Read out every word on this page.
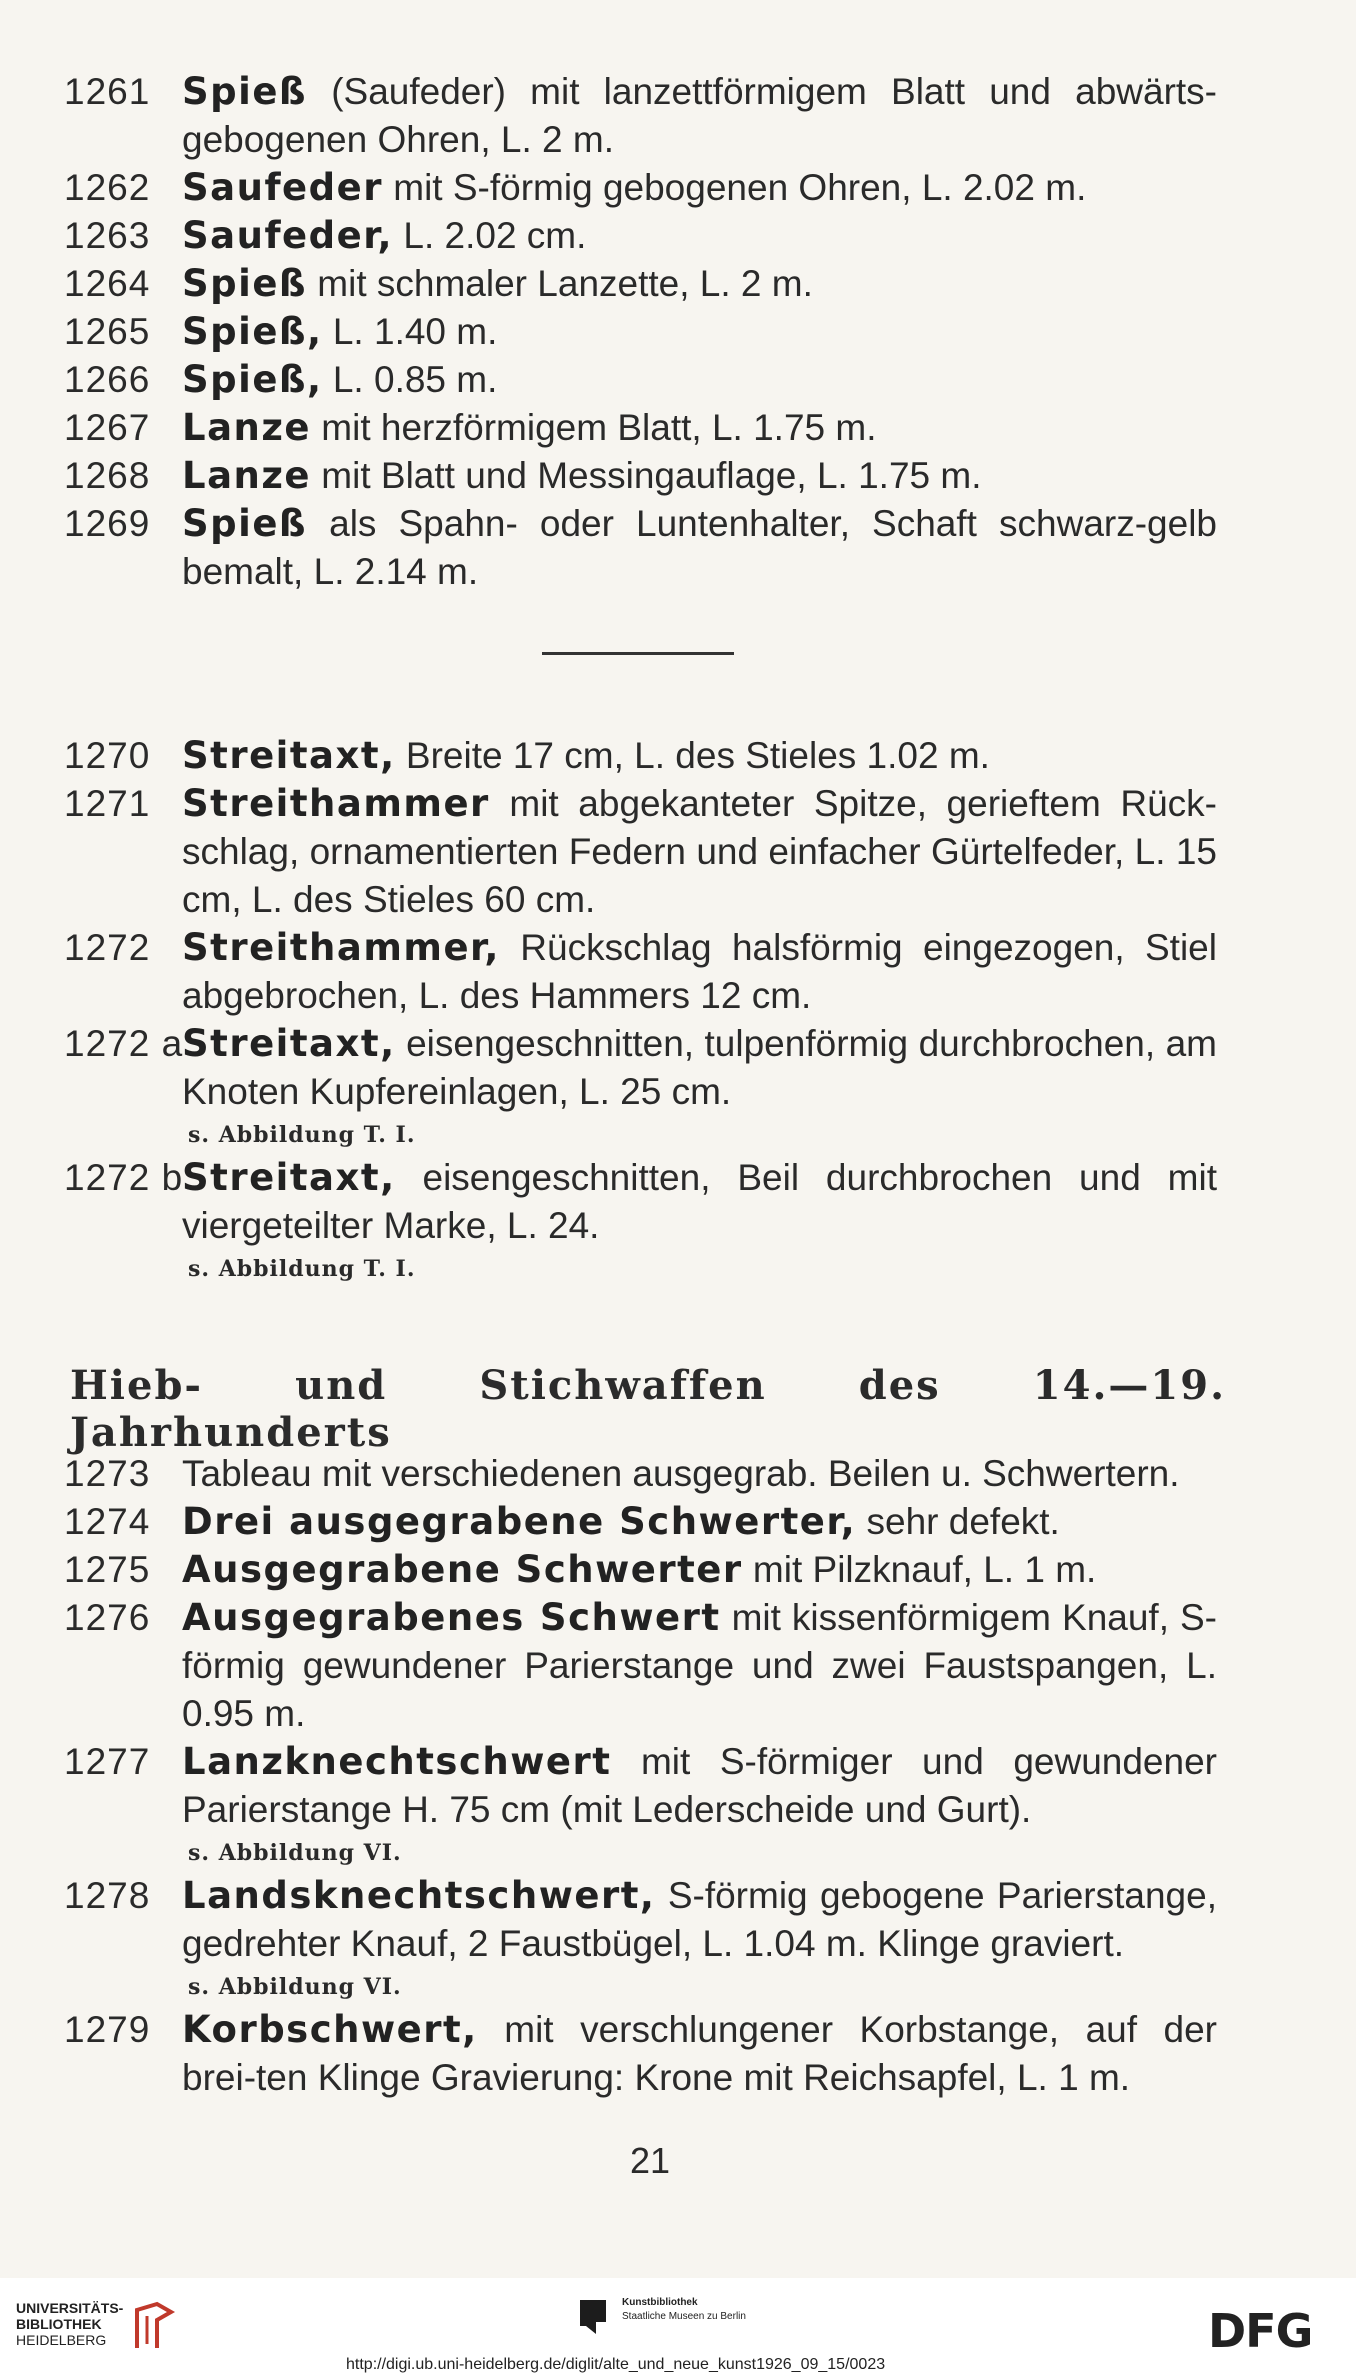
1261 Spieß (Saufeder) mit lanzettförmigem Blatt und abwärts-gebogenen Ohren, L. 2 m.
1262 Saufeder mit S-förmig gebogenen Ohren, L. 2.02 m.
1263 Saufeder, L. 2.02 cm.
1264 Spieß mit schmaler Lanzette, L. 2 m.
1265 Spieß, L. 1.40 m.
1266 Spieß, L. 0.85 m.
1267 Lanze mit herzförmigem Blatt, L. 1.75 m.
1268 Lanze mit Blatt und Messingauflage, L. 1.75 m.
1269 Spieß als Spahn- oder Luntenhalter, Schaft schwarz-gelb bemalt, L. 2.14 m.
1270 Streitaxt, Breite 17 cm, L. des Stieles 1.02 m.
1271 Streithammer mit abgekanteter Spitze, gerieftem Rück-schlag, ornamentierten Federn und einfacher Gürtelfeder, L. 15 cm, L. des Stieles 60 cm.
1272 Streithammer, Rückschlag halsförmig eingezogen, Stiel abgebrochen, L. des Hammers 12 cm.
1272 a
Streitaxt, eisengeschnitten, tulpenförmig durchbrochen, am Knoten Kupfereinlagen, L. 25 cm.
s. Abbildung T. I.
1272 b
Streitaxt, eisengeschnitten, Beil durchbrochen und mit viergeteilter Marke, L. 24.
s. Abbildung T. I.
Hieb- und Stichwaffen des 14.—19. Jahrhunderts
1273 Tableau mit verschiedenen ausgegrab. Beilen u. Schwertern.
1274 Drei ausgegrabene Schwerter, sehr defekt.
1275 Ausgegrabene Schwerter mit Pilzknauf, L. 1 m.
1276 Ausgegrabenes Schwert mit kissenförmigem Knauf, S-förmig gewundener Parierstange und zwei Faustspangen, L. 0.95 m.
1277 Lanzknechtschwert mit S-förmiger und gewundener Parierstange H. 75 cm (mit Lederscheide und Gurt).
s. Abbildung VI.
1278 Landsknechtschwert, S-förmig gebogene Parierstange, gedrehter Knauf, 2 Faustbügel, L. 1.04 m. Klinge graviert.
s. Abbildung VI.
1279 Korbschwert, mit verschlungener Korbstange, auf der brei-ten Klinge Gravierung: Krone mit Reichsapfel, L. 1 m.
21
UNIVERSITÄTS-
BIBLIOTHEK
HEIDELBERG
Kunstbibliothek
Staatliche Museen zu Berlin	DFG
http://digi.ub.uni-heidelberg.de/diglit/alte_und_neue_kunst1926_09_15/0023
